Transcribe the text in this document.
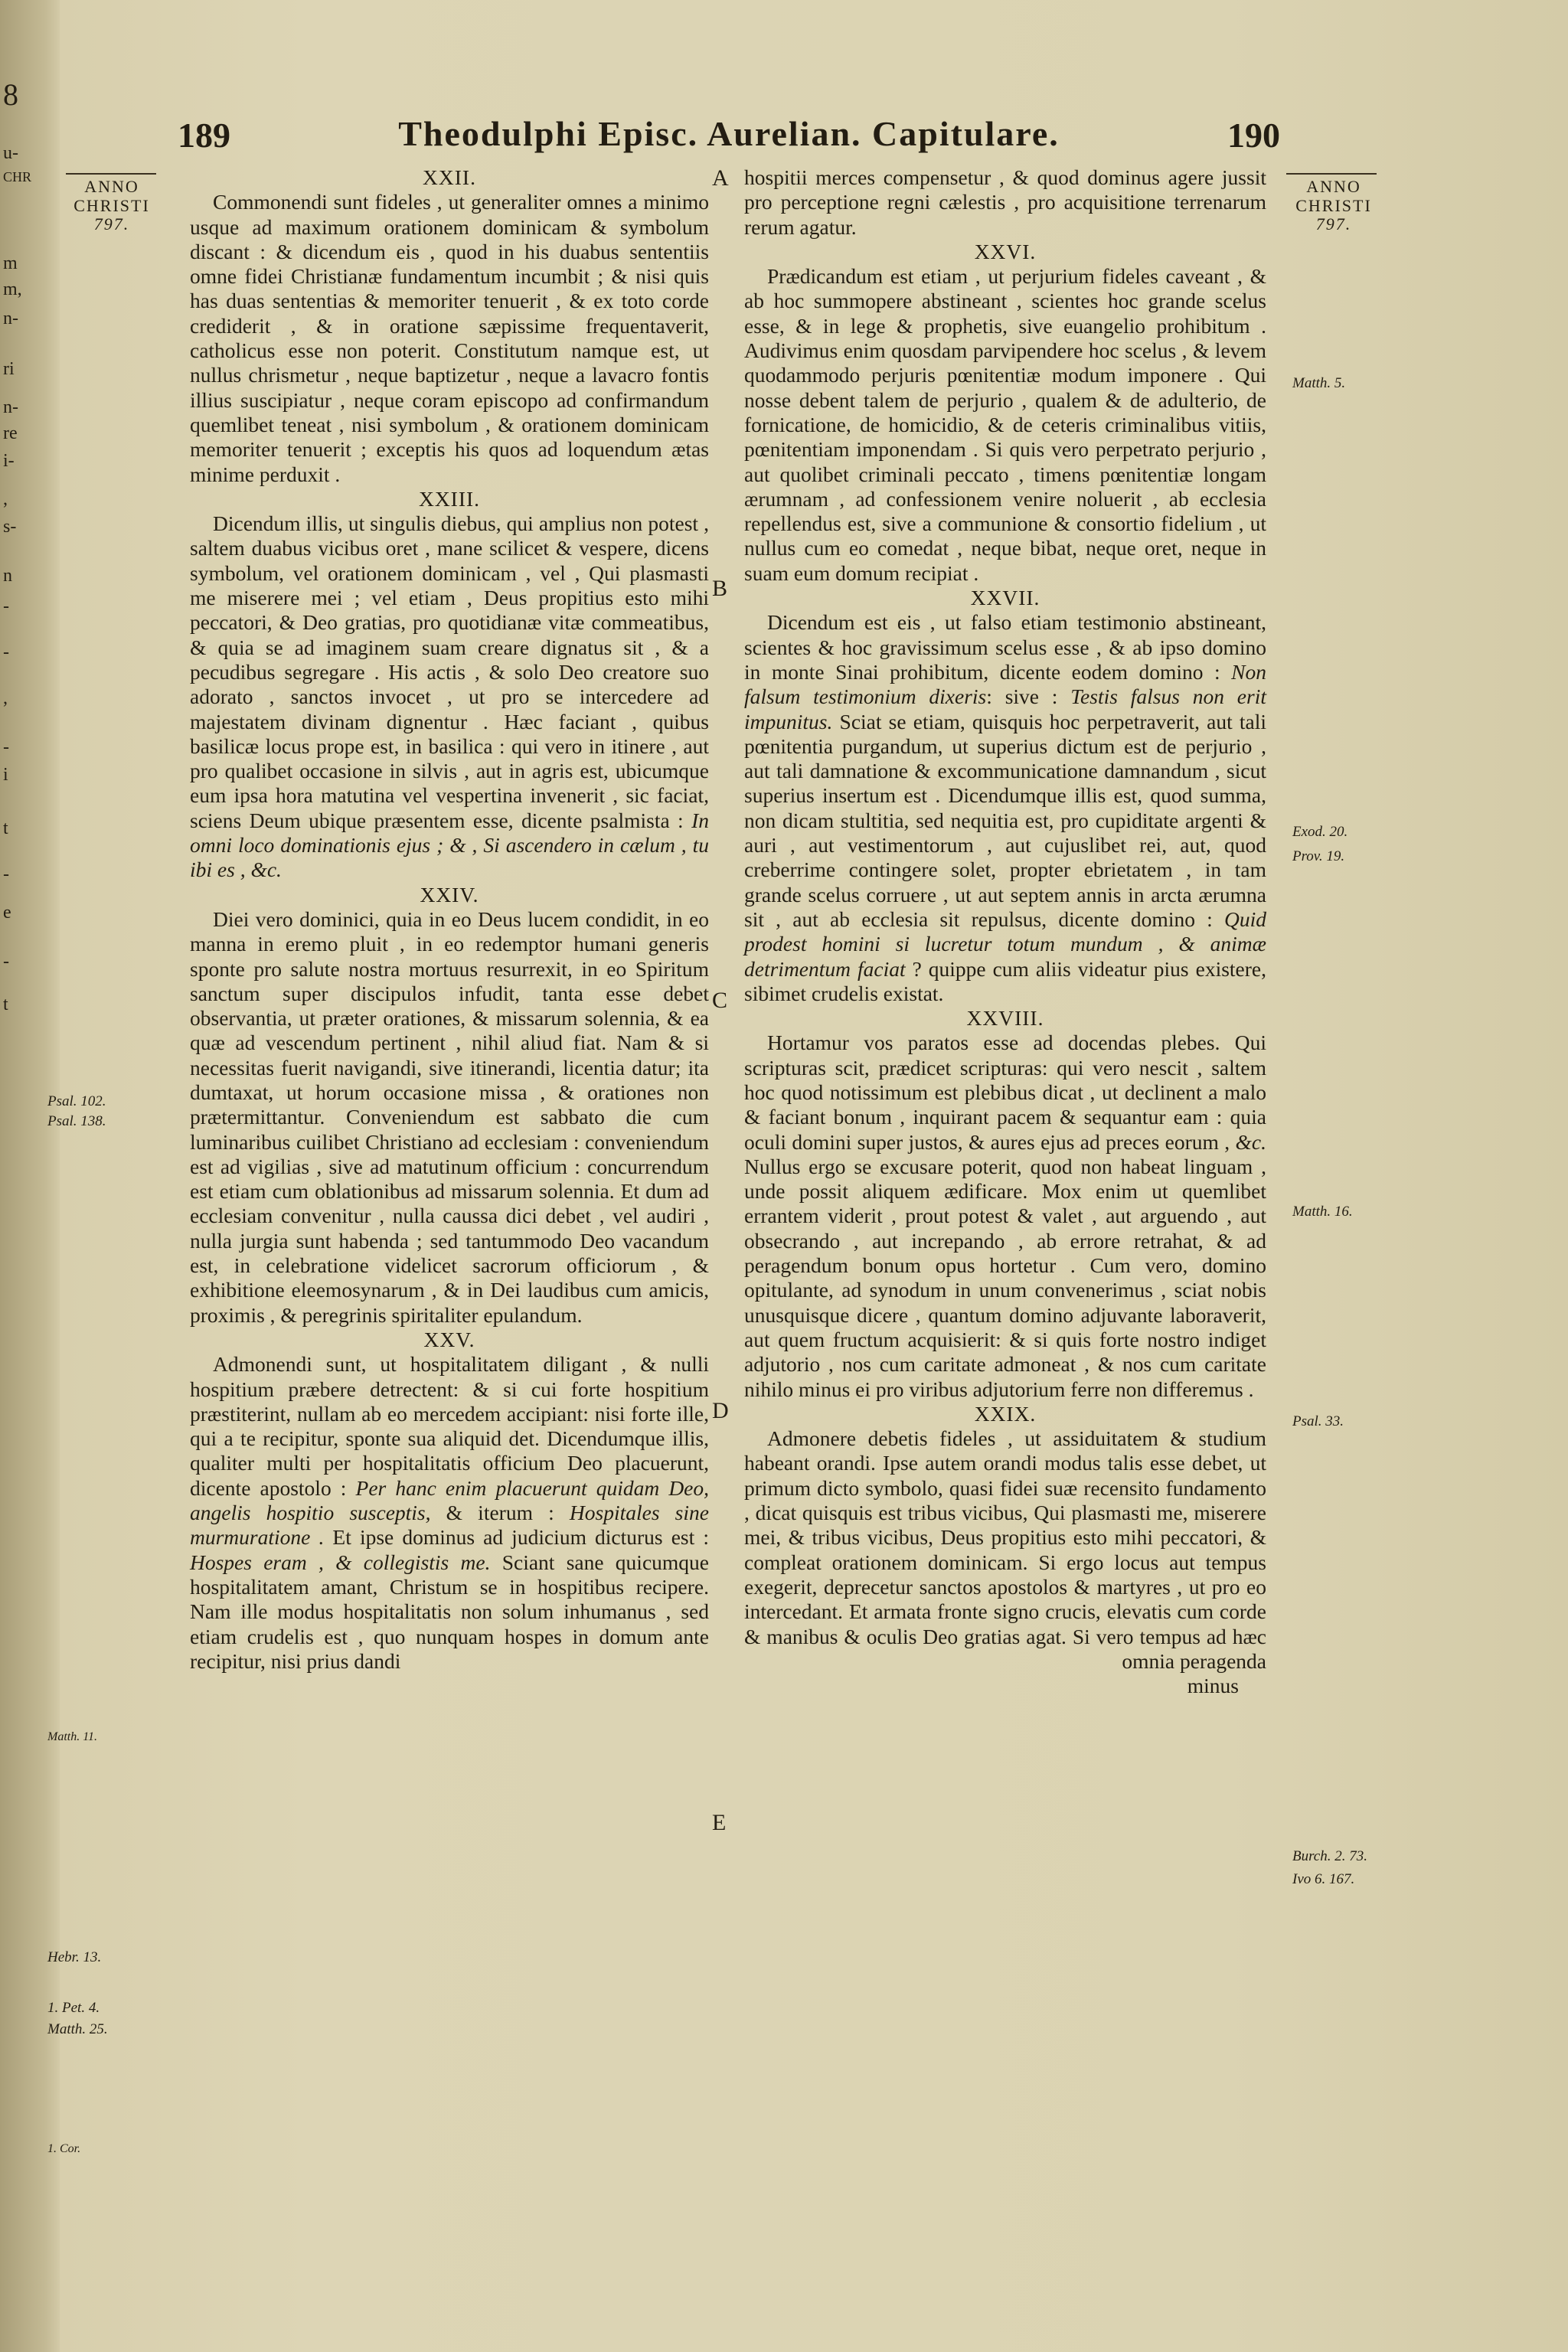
8
u-
CHR
m
m,
n-
ri
n-
re
i-
,
s-
n
-
-
,
-
i
t
-
e
-
t
189	Theodulphi Episc. Aurelian. Capitulare.	190
ANNO
CHRISTI
797.
ANNO
CHRISTI
797.
A
B
C
D
E
Psal. 102.
Psal. 138.
Matth. 11.
Hebr. 13.
1. Pet. 4.
Matth. 25.
1. Cor.
Matth. 5.
Exod. 20.
Prov. 19.
Matth. 16.
Psal. 33.
Burch. 2. 73.
Ivo 6. 167.

XXII.

Commonendi sunt fideles , ut generaliter omnes a minimo usque ad maximum orationem dominicam & symbolum discant : & dicendum eis , quod in his duabus sententiis omne fidei Christianæ fundamentum incumbit ; & nisi quis has duas sententias & memoriter tenuerit , & ex toto corde crediderit , & in oratione sæpissime frequentaverit, catholicus esse non poterit. Constitutum namque est, ut nullus chrismetur , neque baptizetur , neque a lavacro fontis illius suscipiatur , neque coram episcopo ad confirmandum quemlibet teneat , nisi symbolum , & orationem dominicam memoriter tenuerit ; exceptis his quos ad loquendum ætas minime perduxit .

XXIII.

Dicendum illis, ut singulis diebus, qui amplius non potest , saltem duabus vicibus oret , mane scilicet & vespere, dicens symbolum, vel orationem dominicam , vel , Qui plasmasti me miserere mei ; vel etiam , Deus propitius esto mihi peccatori, & Deo gratias, pro quotidianæ vitæ commeatibus, & quia se ad imaginem suam creare dignatus sit , & a pecudibus segregare . His actis , & solo Deo creatore suo adorato , sanctos invocet , ut pro se intercedere ad majestatem divinam dignentur . Hæc faciant , quibus basilicæ locus prope est, in basilica : qui vero in itinere , aut pro qualibet occasione in silvis , aut in agris est, ubicumque eum ipsa hora matutina vel vespertina invenerit , sic faciat, sciens Deum ubique præsentem esse, dicente psalmista : In omni loco dominationis ejus ; & , Si ascendero in cælum , tu ibi es , &c.

XXIV.

Diei vero dominici, quia in eo Deus lucem condidit, in eo manna in eremo pluit , in eo redemptor humani generis sponte pro salute nostra mortuus resurrexit, in eo Spiritum sanctum super discipulos infudit, tanta esse debet observantia, ut præter orationes, & missarum solennia, & ea quæ ad vescendum pertinent , nihil aliud fiat. Nam & si necessitas fuerit navigandi, sive itinerandi, licentia datur; ita dumtaxat, ut horum occasione missa , & orationes non prætermittantur. Conveniendum est sabbato die cum luminaribus cuilibet Christiano ad ecclesiam : conveniendum est ad vigilias , sive ad matutinum officium : concurrendum est etiam cum oblationibus ad missarum solennia. Et dum ad ecclesiam convenitur , nulla caussa dici debet , vel audiri , nulla jurgia sunt habenda ; sed tantummodo Deo vacandum est, in celebratione videlicet sacrorum officiorum , & exhibitione eleemosynarum , & in Dei laudibus cum amicis, proximis , & peregrinis spiritaliter epulandum.

XXV.

Admonendi sunt, ut hospitalitatem diligant , & nulli hospitium præbere detrectent: & si cui forte hospitium præstiterint, nullam ab eo mercedem accipiant: nisi forte ille, qui a te recipitur, sponte sua aliquid det. Dicendumque illis, qualiter multi per hospitalitatis officium Deo placuerunt, dicente apostolo : Per hanc enim placuerunt quidam Deo, angelis hospitio susceptis, & iterum : Hospitales sine murmuratione . Et ipse dominus ad judicium dicturus est : Hospes eram , & collegistis me. Sciant sane quicumque hospitalitatem amant, Christum se in hospitibus recipere. Nam ille modus hospitalitatis non solum inhumanus , sed etiam crudelis est , quo nunquam hospes in domum ante recipitur, nisi prius dandi

hospitii merces compensetur , & quod dominus agere jussit pro perceptione regni cælestis , pro acquisitione terrenarum rerum agatur.

XXVI.

Prædicandum est etiam , ut perjurium fideles caveant , & ab hoc summopere abstineant , scientes hoc grande scelus esse, & in lege & prophetis, sive euangelio prohibitum . Audivimus enim quosdam parvipendere hoc scelus , & levem quodammodo perjuris pœnitentiæ modum imponere . Qui nosse debent talem de perjurio , qualem & de adulterio, de fornicatione, de homicidio, & de ceteris criminalibus vitiis, pœnitentiam imponendam . Si quis vero perpetrato perjurio , aut quolibet criminali peccato , timens pœnitentiæ longam ærumnam , ad confessionem venire noluerit , ab ecclesia repellendus est, sive a communione & consortio fidelium , ut nullus cum eo comedat , neque bibat, neque oret, neque in suam eum domum recipiat .

XXVII.

Dicendum est eis , ut falso etiam testimonio abstineant, scientes & hoc gravissimum scelus esse , & ab ipso domino in monte Sinai prohibitum, dicente eodem domino : Non falsum testimonium dixeris: sive : Testis falsus non erit impunitus. Sciat se etiam, quisquis hoc perpetraverit, aut tali pœnitentia purgandum, ut superius dictum est de perjurio , aut tali damnatione & excommunicatione damnandum , sicut superius insertum est . Dicendumque illis est, quod summa, non dicam stultitia, sed nequitia est, pro cupiditate argenti & auri , aut vestimentorum , aut cujuslibet rei, aut, quod creberrime contingere solet, propter ebrietatem , in tam grande scelus corruere , ut aut septem annis in arcta ærumna sit , aut ab ecclesia sit repulsus, dicente domino : Quid prodest homini si lucretur totum mundum , & animæ detrimentum faciat ? quippe cum aliis videatur pius existere, sibimet crudelis existat.

XXVIII.

Hortamur vos paratos esse ad docendas plebes. Qui scripturas scit, prædicet scripturas: qui vero nescit , saltem hoc quod notissimum est plebibus dicat , ut declinent a malo & faciant bonum , inquirant pacem & sequantur eam : quia oculi domini super justos, & aures ejus ad preces eorum , &c. Nullus ergo se excusare poterit, quod non habeat linguam , unde possit aliquem ædificare. Mox enim ut quemlibet errantem viderit , prout potest & valet , aut arguendo , aut obsecrando , aut increpando , ab errore retrahat, & ad peragendum bonum opus hortetur . Cum vero, domino opitulante, ad synodum in unum convenerimus , sciat nobis unusquisque dicere , quantum domino adjuvante laboraverit, aut quem fructum acquisierit: & si quis forte nostro indiget adjutorio , nos cum caritate admoneat , & nos cum caritate nihilo minus ei pro viribus adjutorium ferre non differemus .

XXIX.

Admonere debetis fideles , ut assiduitatem & studium habeant orandi. Ipse autem orandi modus talis esse debet, ut primum dicto symbolo, quasi fidei suæ recensito fundamento , dicat quisquis est tribus vicibus, Qui plasmasti me, miserere mei, & tribus vicibus, Deus propitius esto mihi peccatori, & compleat orationem dominicam. Si ergo locus aut tempus exegerit, deprecetur sanctos apostolos & martyres , ut pro eo intercedant. Et armata fronte signo crucis, elevatis cum corde & manibus & oculis Deo gratias agat. Si vero tempus ad hæc omnia peragenda

minus
